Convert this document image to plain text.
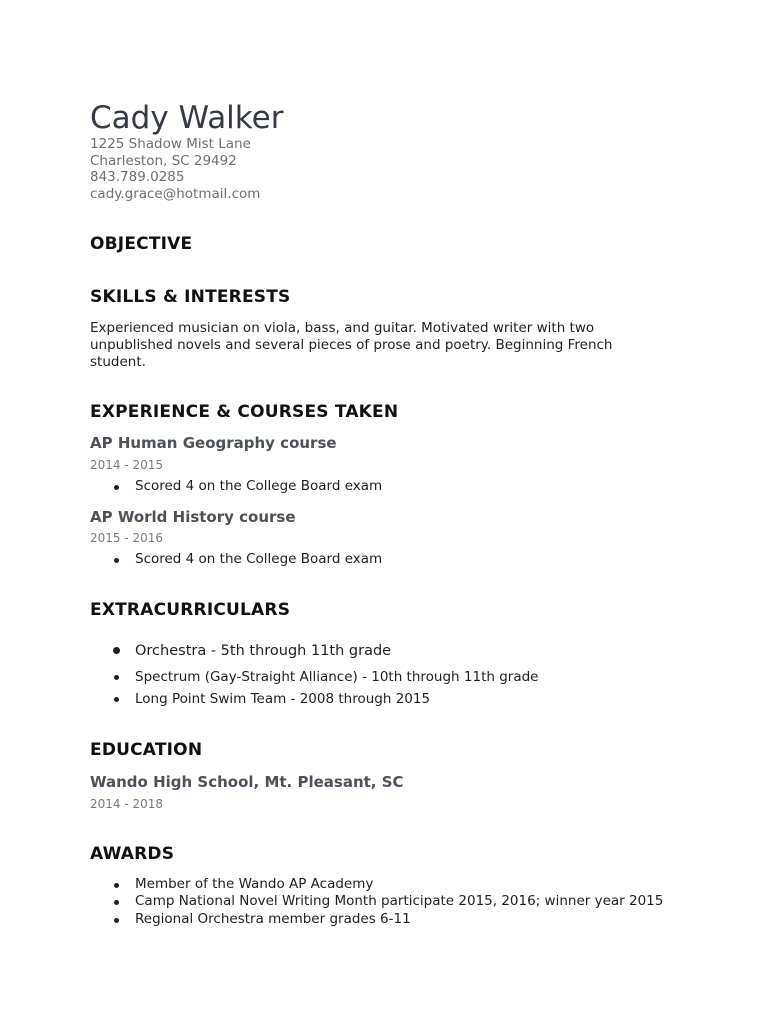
Cady Walker
1225 Shadow Mist Lane
Charleston, SC 29492
843.789.0285
cady.grace@hotmail.com
OBJECTIVE
SKILLS & INTERESTS

Experienced musician on viola, bass, and guitar. Motivated writer with two unpublished novels and several pieces of prose and poetry. Beginning French student.

EXPERIENCE & COURSES TAKEN
AP Human Geography course
2014 - 2015
Scored 4 on the College Board exam
AP World History course
2015 - 2016
Scored 4 on the College Board exam
EXTRACURRICULARS
Orchestra - 5th through 11th grade
Spectrum (Gay-Straight Alliance) - 10th through 11th grade
Long Point Swim Team - 2008 through 2015
EDUCATION
Wando High School, Mt. Pleasant, SC
2014 - 2018
AWARDS
Member of the Wando AP Academy
Camp National Novel Writing Month participate 2015, 2016; winner year 2015
Regional Orchestra member grades 6-11
